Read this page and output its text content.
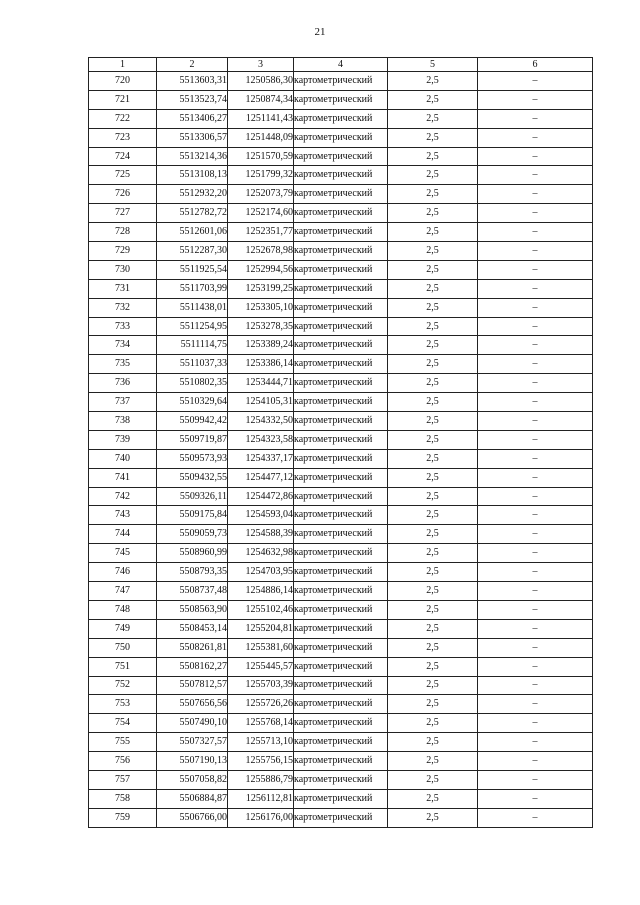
21
1	2	3	4	5	6
720	5513603,31	1250586,30	картометрический	2,5	–
721	5513523,74	1250874,34	картометрический	2,5	–
722	5513406,27	1251141,43	картометрический	2,5	–
723	5513306,57	1251448,09	картометрический	2,5	–
724	5513214,36	1251570,59	картометрический	2,5	–
725	5513108,13	1251799,32	картометрический	2,5	–
726	5512932,20	1252073,79	картометрический	2,5	–
727	5512782,72	1252174,60	картометрический	2,5	–
728	5512601,06	1252351,77	картометрический	2,5	–
729	5512287,30	1252678,98	картометрический	2,5	–
730	5511925,54	1252994,56	картометрический	2,5	–
731	5511703,99	1253199,25	картометрический	2,5	–
732	5511438,01	1253305,10	картометрический	2,5	–
733	5511254,95	1253278,35	картометрический	2,5	–
734	5511114,75	1253389,24	картометрический	2,5	–
735	5511037,33	1253386,14	картометрический	2,5	–
736	5510802,35	1253444,71	картометрический	2,5	–
737	5510329,64	1254105,31	картометрический	2,5	–
738	5509942,42	1254332,50	картометрический	2,5	–
739	5509719,87	1254323,58	картометрический	2,5	–
740	5509573,93	1254337,17	картометрический	2,5	–
741	5509432,55	1254477,12	картометрический	2,5	–
742	5509326,11	1254472,86	картометрический	2,5	–
743	5509175,84	1254593,04	картометрический	2,5	–
744	5509059,73	1254588,39	картометрический	2,5	–
745	5508960,99	1254632,98	картометрический	2,5	–
746	5508793,35	1254703,95	картометрический	2,5	–
747	5508737,48	1254886,14	картометрический	2,5	–
748	5508563,90	1255102,46	картометрический	2,5	–
749	5508453,14	1255204,81	картометрический	2,5	–
750	5508261,81	1255381,60	картометрический	2,5	–
751	5508162,27	1255445,57	картометрический	2,5	–
752	5507812,57	1255703,39	картометрический	2,5	–
753	5507656,56	1255726,26	картометрический	2,5	–
754	5507490,10	1255768,14	картометрический	2,5	–
755	5507327,57	1255713,10	картометрический	2,5	–
756	5507190,13	1255756,15	картометрический	2,5	–
757	5507058,82	1255886,79	картометрический	2,5	–
758	5506884,87	1256112,81	картометрический	2,5	–
759	5506766,00	1256176,00	картометрический	2,5	–
